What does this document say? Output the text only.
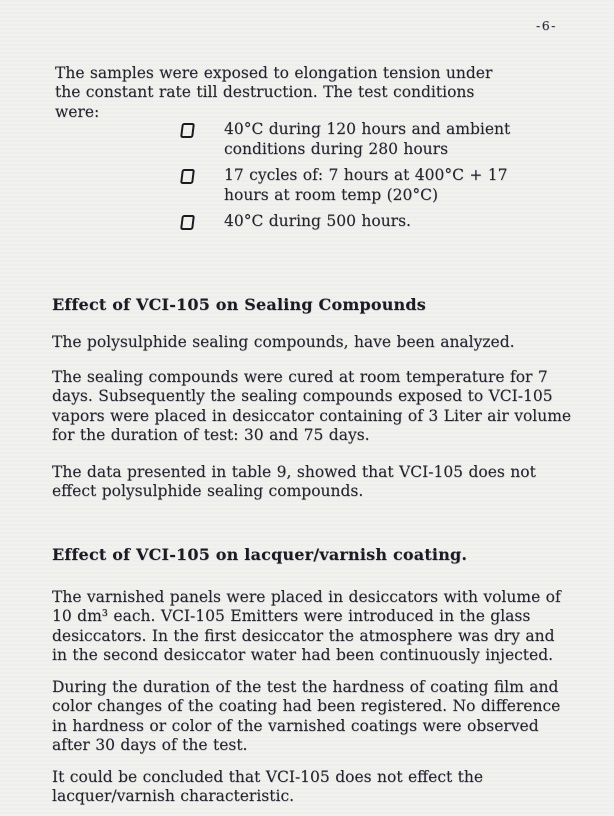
-6-

The samples were exposed to elongation tension under the constant rate till destruction. The test conditions were:

40°C during 120 hours and ambient conditions during 280 hours
17 cycles of: 7 hours at 400°C + 17 hours at room temp (20°C)
40°C during 500 hours.
Effect of VCI-105 on Sealing Compounds

The polysulphide sealing compounds, have been analyzed.

The sealing compounds were cured at room temperature for 7 days. Subsequently the sealing compounds exposed to VCI-105 vapors were placed in desiccator containing of 3 Liter air volume for the duration of test: 30 and 75 days.

The data presented in table 9, showed that VCI-105 does not effect polysulphide sealing compounds.

Effect of VCI-105 on lacquer/varnish coating.

The varnished panels were placed in desiccators with volume of 10 dm³ each. VCI-105 Emitters were introduced in the glass desiccators. In the first desiccator the atmosphere was dry and in the second desiccator water had been continuously injected.

During the duration of the test the hardness of coating film and color changes of the coating had been registered. No difference in hardness or color of the varnished coatings were observed after 30 days of the test.

It could be concluded that VCI-105 does not effect the lacquer/varnish characteristic.
